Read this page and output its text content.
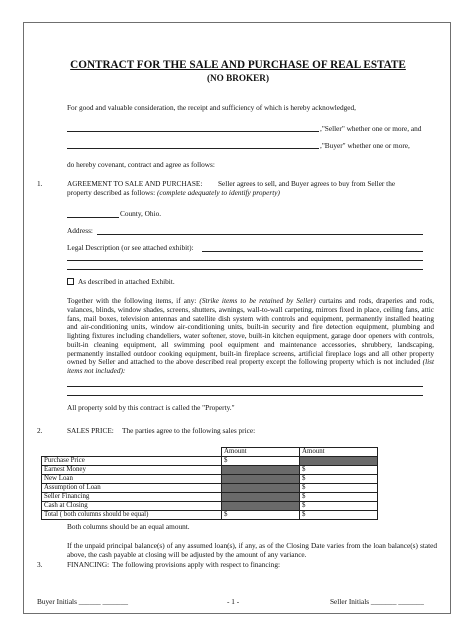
CONTRACT FOR THE SALE AND PURCHASE OF REAL ESTATE
(NO BROKER)
For good and valuable consideration, the receipt and sufficiency of which is hereby acknowledged,
,"Seller" whether one or more, and
,"Buyer" whether one or more,
do hereby covenant, contract and agree as follows:
1.	AGREEMENT TO SALE AND PURCHASE: Seller agrees to sell, and Buyer agrees to buy from Seller the
property described as follows: (complete adequately to identify property)
County, Ohio.
Address:
Legal Description (or see attached exhibit):
As described in attached Exhibit.
Together with the following items, if any: (Strike items to be retained by Seller) curtains and rods, draperies and rods, valances, blinds, window shades, screens, shutters, awnings, wall-to-wall carpeting, mirrors fixed in place, ceiling fans, attic fans, mail boxes, television antennas and satellite dish system with controls and equipment, permanently installed heating and air-conditioning units, window air-conditioning units, built-in security and fire detection equipment, plumbing and lighting fixtures including chandeliers, water softener, stove, built-in kitchen equipment, garage door openers with controls, built-in cleaning equipment, all swimming pool equipment and maintenance accessories, shrubbery, landscaping, permanently installed outdoor cooking equipment, built-in fireplace screens, artificial fireplace logs and all other property owned by Seller and attached to the above described real property except the following property which is not included (list items not included):
All property sold by this contract is called the "Property."
2.	SALES PRICE: The parties agree to the following sales price:
	Amount	Amount
Purchase Price	$	
Earnest Money		$
New Loan		$
Assumption of Loan		$
Seller Financing		$
Cash at Closing		$
Total ( both columns should be equal)	$	$
Both columns should be an equal amount.
If the unpaid principal balance(s) of any assumed loan(s), if any, as of the Closing Date varies from the loan balance(s) stated above, the cash payable at closing will be adjusted by the amount of any variance.
3.	FINANCING: The following provisions apply with respect to financing:
Buyer Initials ______ _______	- 1 -	Seller Initials _______ _______
